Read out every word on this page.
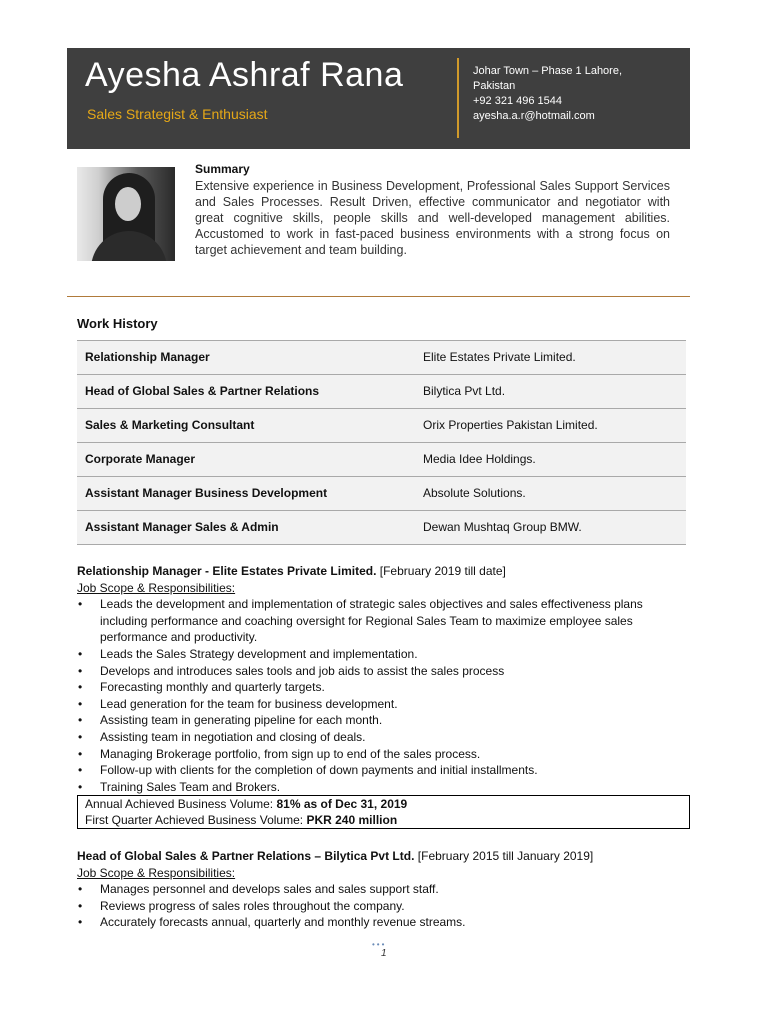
Ayesha Ashraf Rana
Sales Strategist & Enthusiast
Johar Town – Phase 1 Lahore,
Pakistan
+92 321 496 1544
ayesha.a.r@hotmail.com
Summary
Extensive experience in Business Development, Professional Sales Support Services and Sales Processes. Result Driven, effective communicator and negotiator with great cognitive skills, people skills and well-developed management abilities. Accustomed to work in fast-paced business environments with a strong focus on target achievement and team building.
Work History
Relationship Manager	Elite Estates Private Limited.
Head of Global Sales & Partner Relations	Bilytica Pvt Ltd.
Sales & Marketing Consultant	Orix Properties Pakistan Limited.
Corporate Manager	Media Idee Holdings.
Assistant Manager Business Development	Absolute Solutions.
Assistant Manager Sales & Admin	Dewan Mushtaq Group BMW.
Relationship Manager - Elite Estates Private Limited. [February 2019 till date]
Job Scope & Responsibilities:
• Leads the development and implementation of strategic sales objectives and sales effectiveness plans including performance and coaching oversight for Regional Sales Team to maximize employee sales performance and productivity.
• Leads the Sales Strategy development and implementation.
• Develops and introduces sales tools and job aids to assist the sales process
• Forecasting monthly and quarterly targets.
• Lead generation for the team for business development.
• Assisting team in generating pipeline for each month.
• Assisting team in negotiation and closing of deals.
• Managing Brokerage portfolio, from sign up to end of the sales process.
• Follow-up with clients for the completion of down payments and initial installments.
• Training Sales Team and Brokers.
Annual Achieved Business Volume: 81% as of Dec 31, 2019
First Quarter Achieved Business Volume: PKR 240 million
Head of Global Sales & Partner Relations – Bilytica Pvt Ltd. [February 2015 till January 2019]
Job Scope & Responsibilities:
• Manages personnel and develops sales and sales support staff.
• Reviews progress of sales roles throughout the company.
• Accurately forecasts annual, quarterly and monthly revenue streams.
•••
1
